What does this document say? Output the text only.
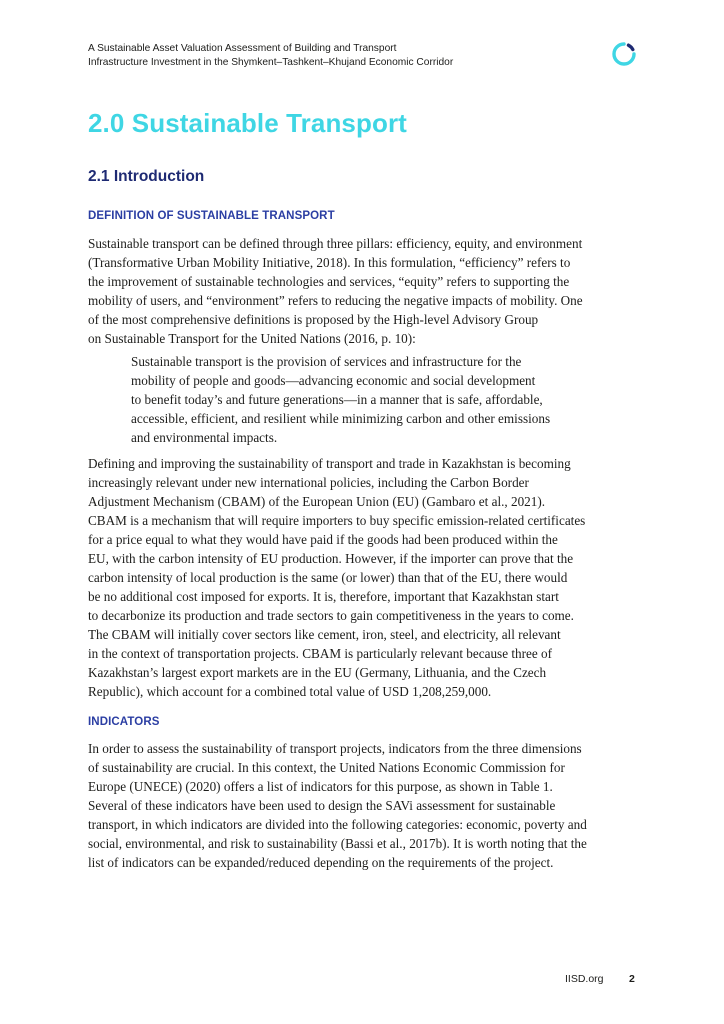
A Sustainable Asset Valuation Assessment of Building and Transport
Infrastructure Investment in the Shymkent–Tashkent–Khujand Economic Corridor
2.0 Sustainable Transport
2.1 Introduction
DEFINITION OF SUSTAINABLE TRANSPORT

Sustainable transport can be defined through three pillars: efficiency, equity, and environment
(Transformative Urban Mobility Initiative, 2018). In this formulation, “efficiency” refers to
the improvement of sustainable technologies and services, “equity” refers to supporting the
mobility of users, and “environment” refers to reducing the negative impacts of mobility. One
of the most comprehensive definitions is proposed by the High-level Advisory Group
on Sustainable Transport for the United Nations (2016, p. 10):

Sustainable transport is the provision of services and infrastructure for the
mobility of people and goods—advancing economic and social development
to benefit today’s and future generations—in a manner that is safe, affordable,
accessible, efficient, and resilient while minimizing carbon and other emissions
and environmental impacts.

Defining and improving the sustainability of transport and trade in Kazakhstan is becoming
increasingly relevant under new international policies, including the Carbon Border
Adjustment Mechanism (CBAM) of the European Union (EU) (Gambaro et al., 2021).
CBAM is a mechanism that will require importers to buy specific emission-related certificates
for a price equal to what they would have paid if the goods had been produced within the
EU, with the carbon intensity of EU production. However, if the importer can prove that the
carbon intensity of local production is the same (or lower) than that of the EU, there would
be no additional cost imposed for exports. It is, therefore, important that Kazakhstan start
to decarbonize its production and trade sectors to gain competitiveness in the years to come.
The CBAM will initially cover sectors like cement, iron, steel, and electricity, all relevant
in the context of transportation projects. CBAM is particularly relevant because three of
Kazakhstan’s largest export markets are in the EU (Germany, Lithuania, and the Czech
Republic), which account for a combined total value of USD 1,208,259,000.

INDICATORS

In order to assess the sustainability of transport projects, indicators from the three dimensions
of sustainability are crucial. In this context, the United Nations Economic Commission for
Europe (UNECE) (2020) offers a list of indicators for this purpose, as shown in Table 1.
Several of these indicators have been used to design the SAVi assessment for sustainable
transport, in which indicators are divided into the following categories: economic, poverty and
social, environmental, and risk to sustainability (Bassi et al., 2017b). It is worth noting that the
list of indicators can be expanded/reduced depending on the requirements of the project.

IISD.org 2
